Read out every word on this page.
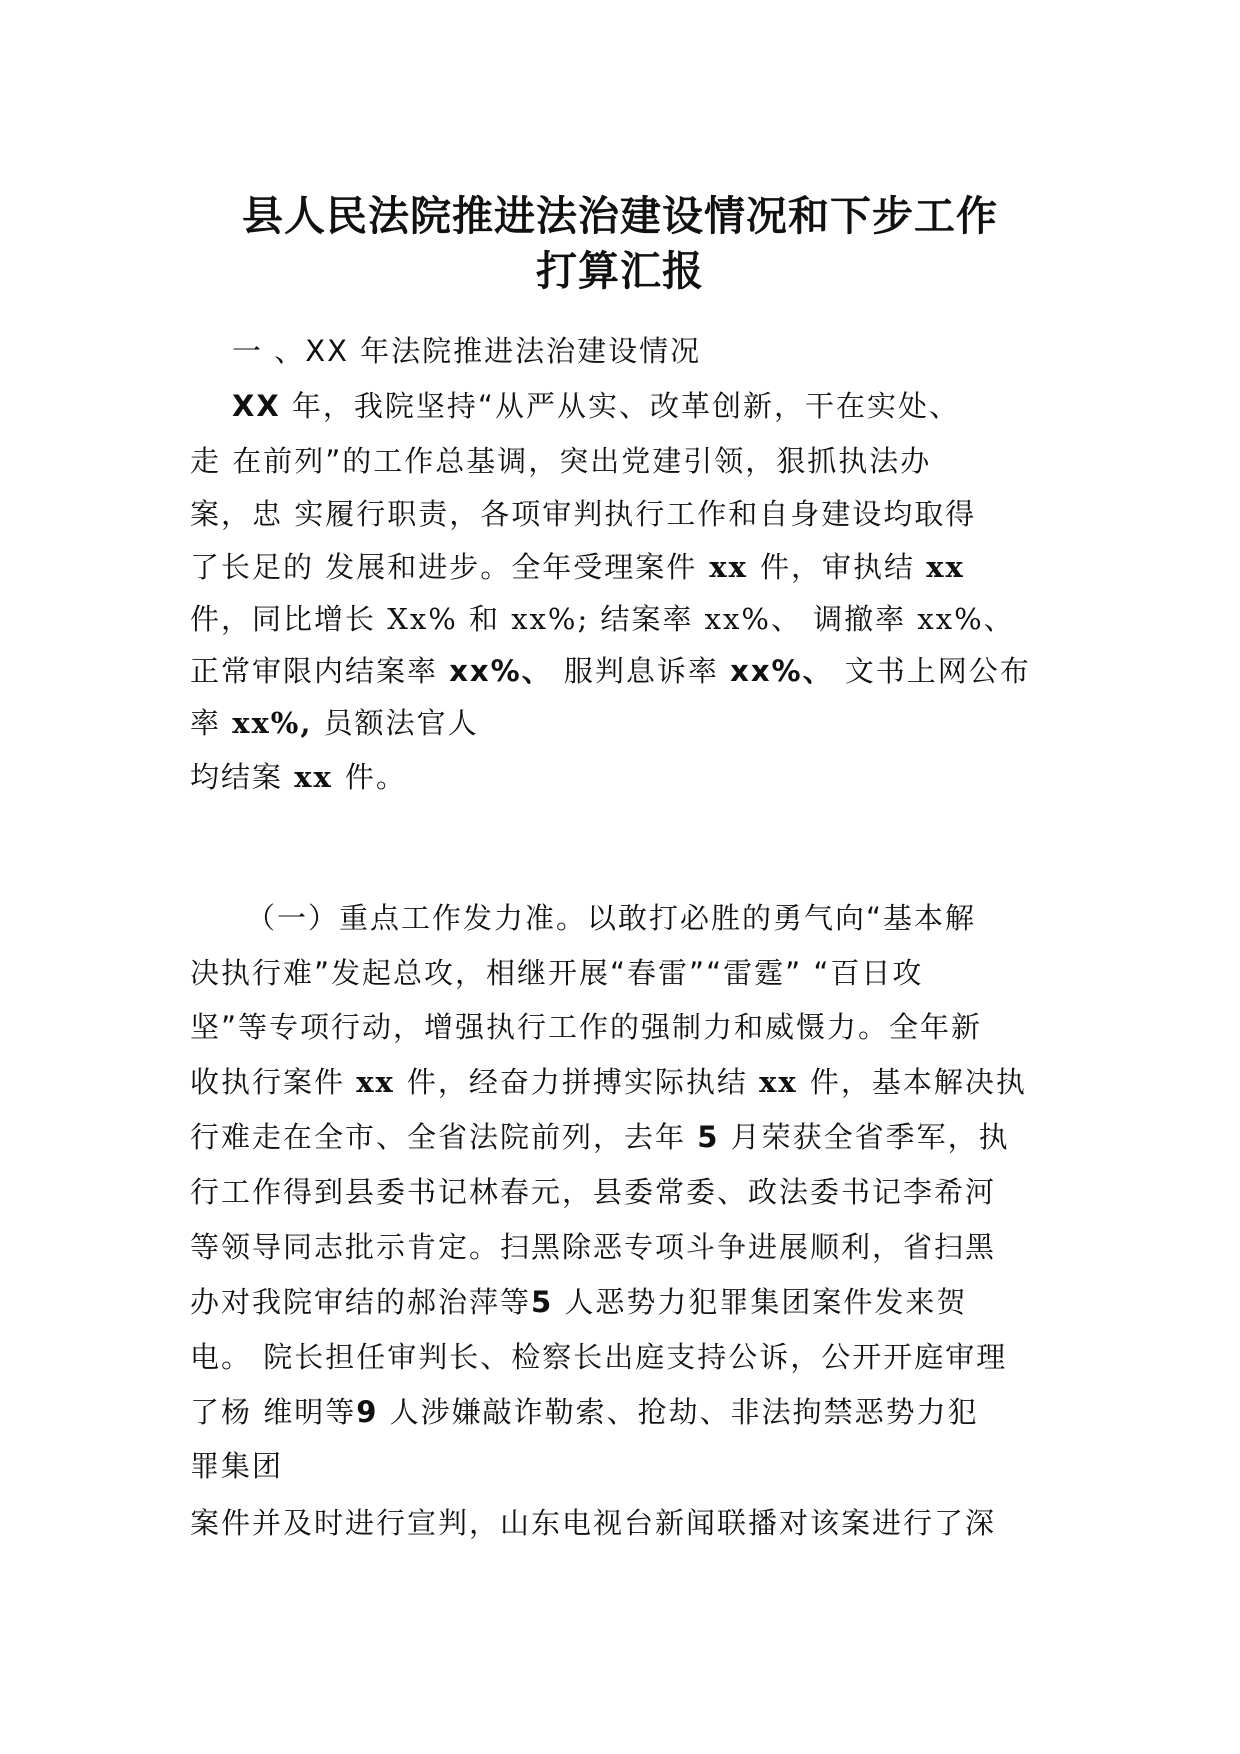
县人民法院推进法治建设情况和下步工作
打算汇报
一 、XX 年法院推进法治建设情况
XX 年，我院坚持“从严从实、改革创新，干在实处、
走 在前列”的工作总基调，突出党建引领，狠抓执法办
案，忠 实履行职责，各项审判执行工作和自身建设均取得
了长足的 发展和进步。全年受理案件 xx 件，审执结 xx
件，同比增长 Xx% 和 xx%; 结案率 xx%、 调撤率 xx%、
正常审限内结案率 xx%、 服判息诉率 xx%、 文书上网公布
率 xx%, 员额法官人
均结案 xx 件。
（一）重点工作发力准。以敢打必胜的勇气向“基本解
决执行难”发起总攻，相继开展“春雷”“雷霆” “百日攻
坚”等专项行动，增强执行工作的强制力和威慑力。全年新
收执行案件 xx 件，经奋力拼搏实际执结 xx 件，基本解决执
行难走在全市、全省法院前列，去年 5 月荣获全省季军，执
行工作得到县委书记林春元，县委常委、政法委书记李希河
等领导同志批示肯定。扫黑除恶专项斗争进展顺利，省扫黑
办对我院审结的郝治萍等5 人恶势力犯罪集团案件发来贺
电。 院长担任审判长、检察长出庭支持公诉，公开开庭审理
了杨 维明等9 人涉嫌敲诈勒索、抢劫、非法拘禁恶势力犯
罪集团
案件并及时进行宣判，山东电视台新闻联播对该案进行了深
